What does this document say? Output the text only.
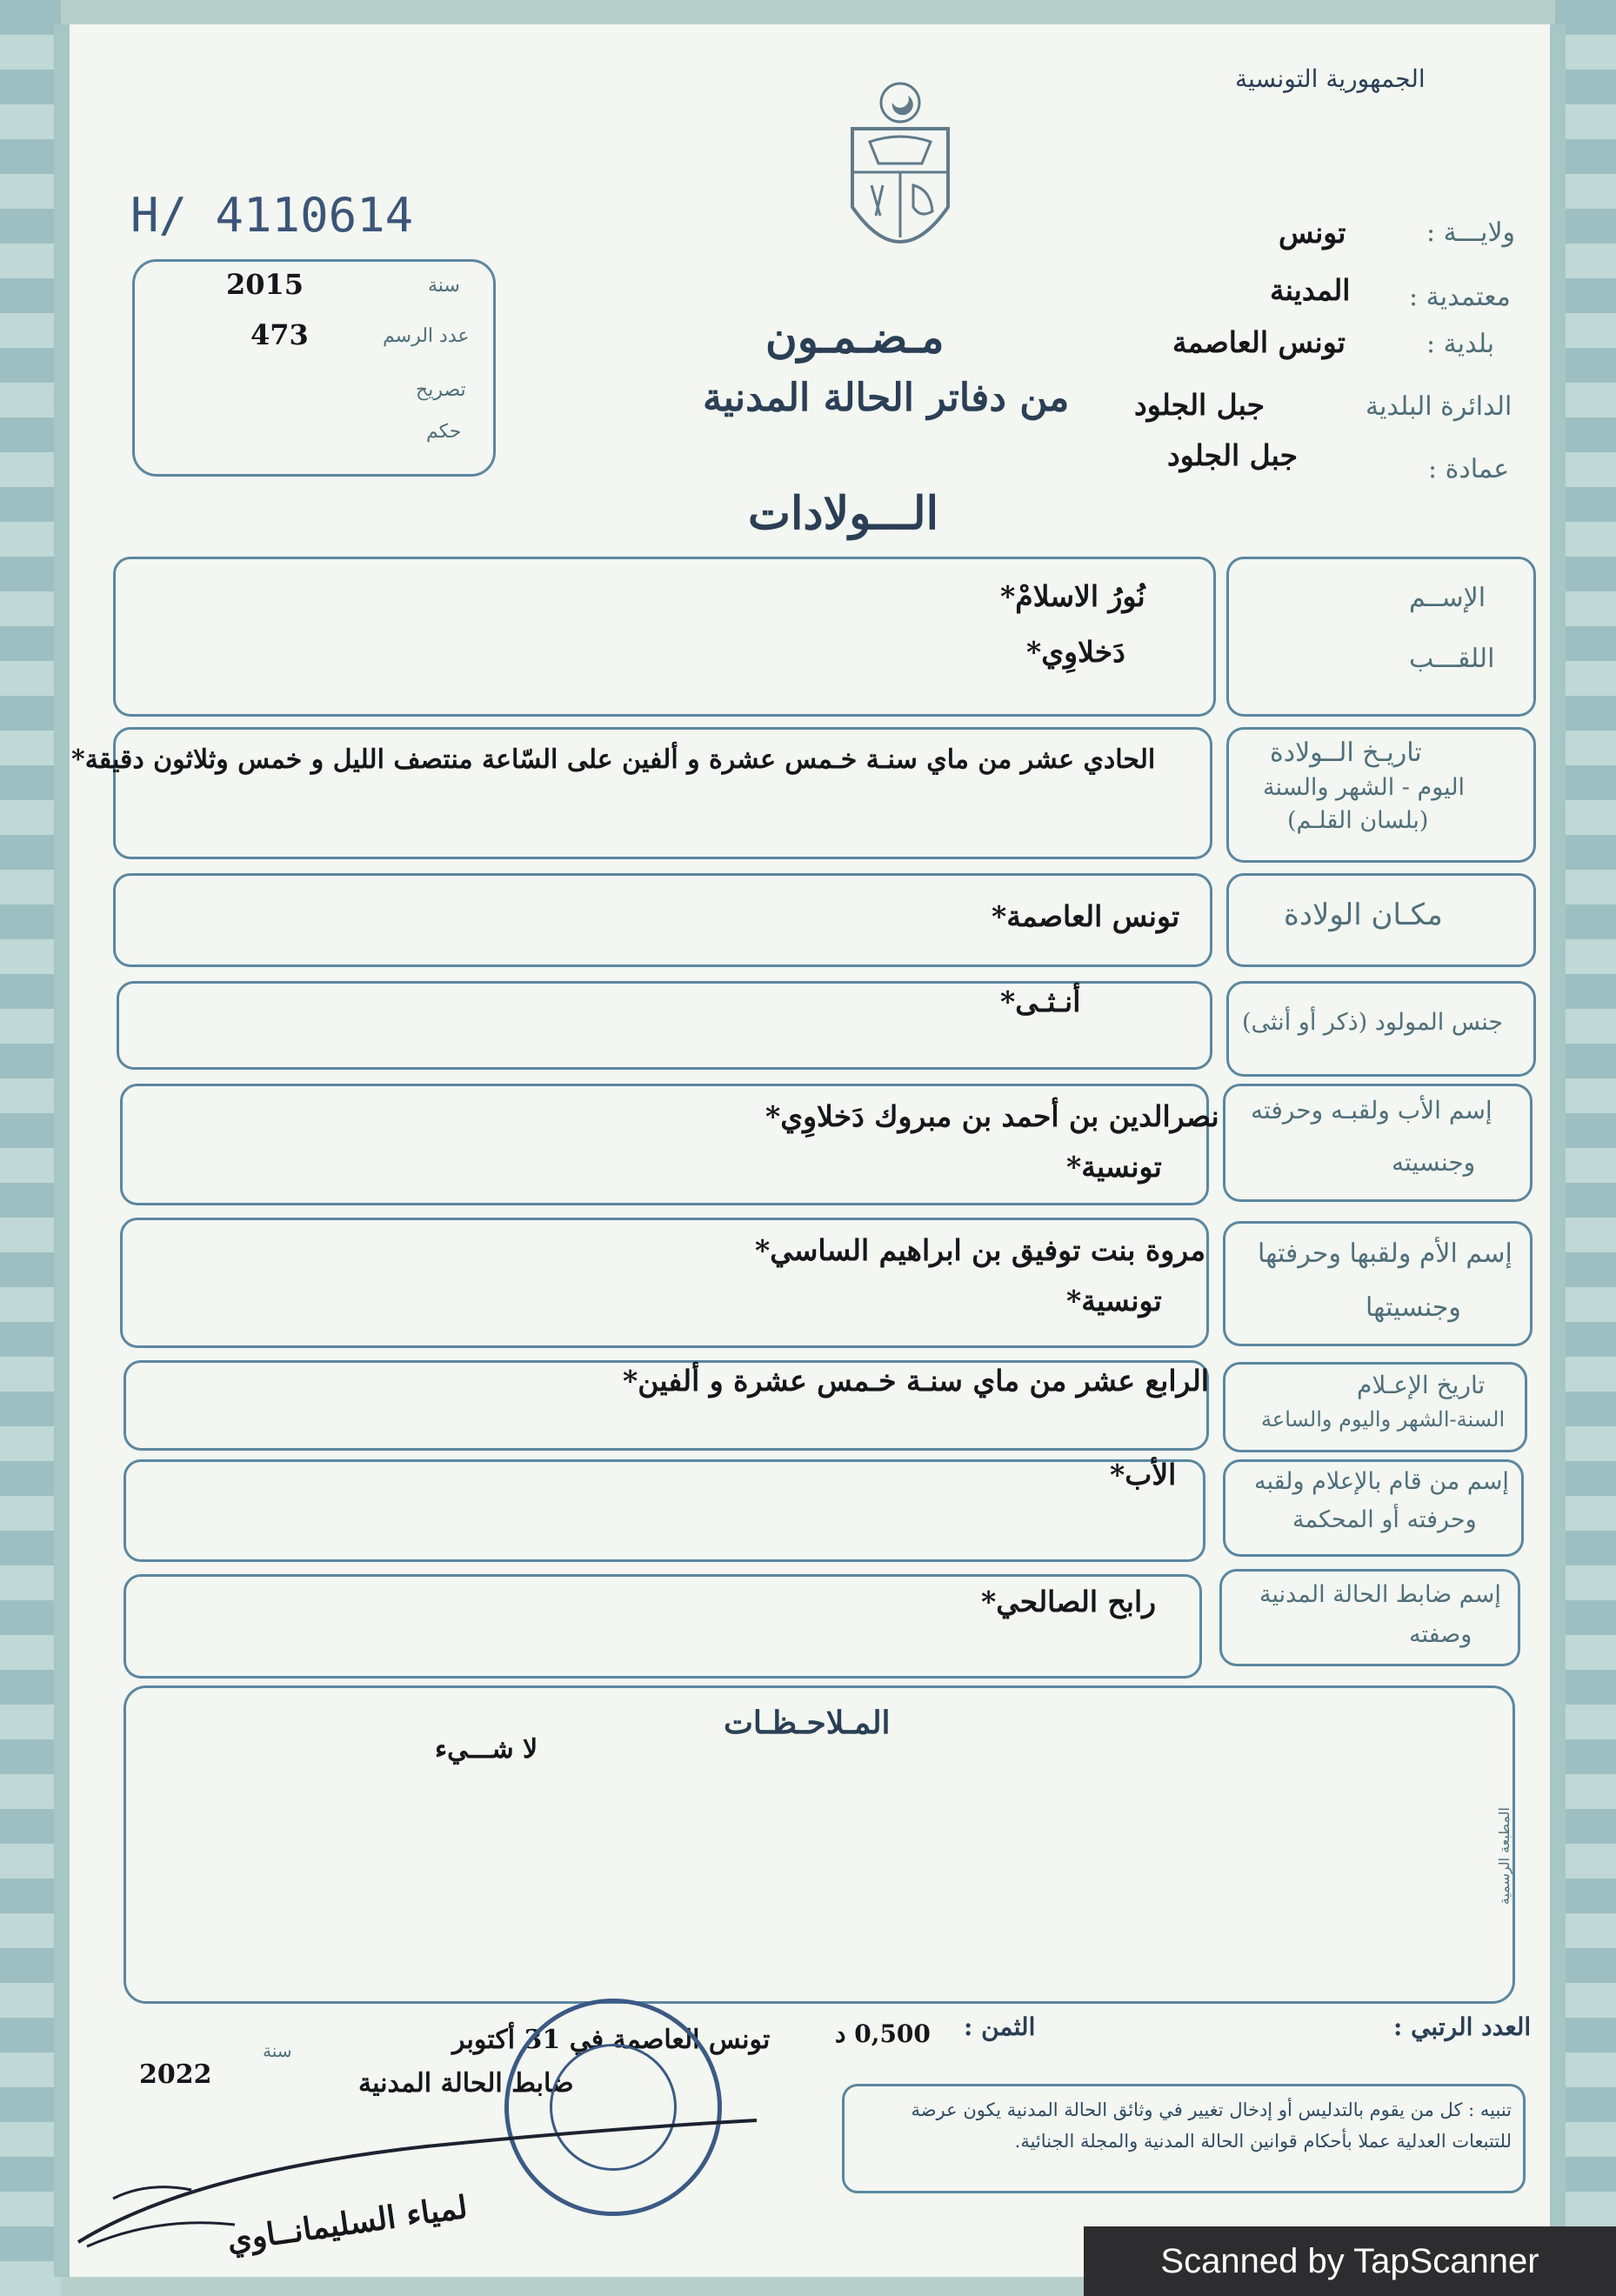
الجمهورية التونسية
H/ 4110614
سنة
2015
عدد الرسم
473
تصريح
حكم
ولايـــة :
تونس
معتمدية :
المدينة
بلدية :
تونس العاصمة
الدائرة البلدية
جبل الجلود
عمادة :
جبل الجلود
مـضـمـون
من دفاتر الحالة المدنية
الـــولادات
الإســم
اللقـــب
نُورُ الاسلامْ*
دَخلاوِي*
تاريـخ الــولادة
اليوم - الشهر والسنة
(بلسان القلـم)
الحادي عشر من ماي سنـة خـمس عشرة و ألفين على السّاعة منتصف الليل و خمس وثلاثون دقيقة*
مكـان الولادة
تونس العاصمة*
جنس المولود (ذكر أو أنثى)
أنـثـى*
إسم الأب ولقبـه وحرفته
وجنسيته
نصرالدين بن أحمد بن مبروك دَخلاوِي*
تونسية*
إسم الأم ولقبها وحرفتها
وجنسيتها
مروة بنت توفيق بن ابراهيم الساسي*
تونسية*
تاريخ الإعـلام
السنة-الشهر واليوم والساعة
الرابع عشر من ماي سنـة خـمس عشرة و ألفين*
إسم من قام بالإعلام ولقبه
وحرفته أو المحكمة
الأب*
إسم ضابط الحالة المدنية
وصفته
رابح الصالحي*
المـلاحـظـات
لا شـــيء
المطبعة الرسمية
العدد الرتبي :
الثمن :
0,500 د
سنة
2022
تونس العاصمة في 31 أكتوبر
ضابط الحالة المدنية
لمياء السليمانــاوي
تنبيه : كل من يقوم بالتدليس أو إدخال تغيير في وثائق الحالة المدنية يكون عرضة للتتبعات العدلية عملا بأحكام قوانين الحالة المدنية والمجلة الجنائية.
Scanned by TapScanner
